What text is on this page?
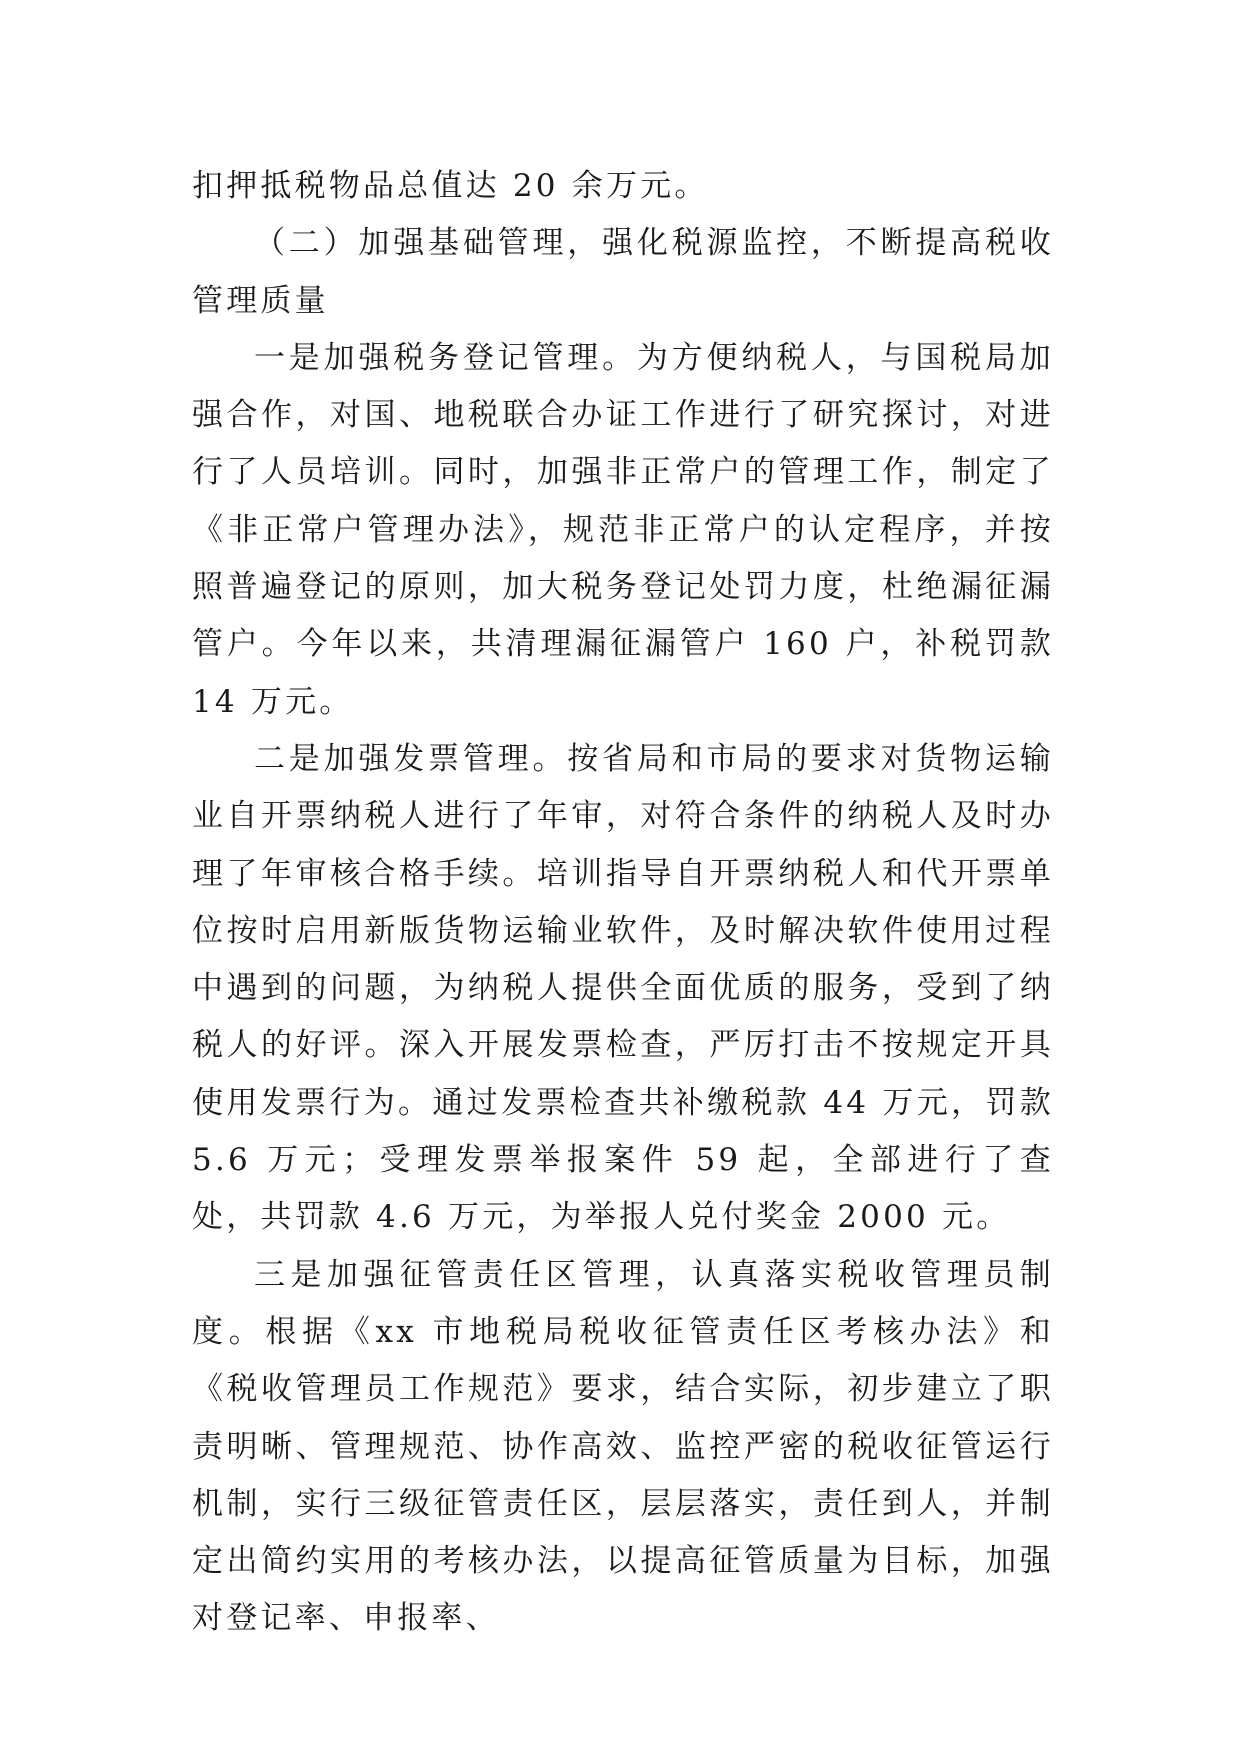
扣押抵税物品总值达 20 余万元。

（二）加强基础管理，强化税源监控，不断提高税收管理质量

一是加强税务登记管理。为方便纳税人，与国税局加强合作，对国、地税联合办证工作进行了研究探讨，对进行了人员培训。同时，加强非正常户的管理工作，制定了《非正常户管理办法》，规范非正常户的认定程序，并按照普遍登记的原则，加大税务登记处罚力度，杜绝漏征漏管户。今年以来，共清理漏征漏管户 160 户，补税罚款 14 万元。

二是加强发票管理。按省局和市局的要求对货物运输业自开票纳税人进行了年审，对符合条件的纳税人及时办理了年审核合格手续。培训指导自开票纳税人和代开票单位按时启用新版货物运输业软件，及时解决软件使用过程中遇到的问题，为纳税人提供全面优质的服务，受到了纳税人的好评。深入开展发票检查，严厉打击不按规定开具使用发票行为。通过发票检查共补缴税款 44 万元，罚款 5.6 万元；受理发票举报案件 59 起，全部进行了查处，共罚款 4.6 万元，为举报人兑付奖金 2000 元。

三是加强征管责任区管理，认真落实税收管理员制度。根据《xx 市地税局税收征管责任区考核办法》和《税收管理员工作规范》要求，结合实际，初步建立了职责明晰、管理规范、协作高效、监控严密的税收征管运行机制，实行三级征管责任区，层层落实，责任到人，并制定出简约实用的考核办法，以提高征管质量为目标，加强对登记率、申报率、
